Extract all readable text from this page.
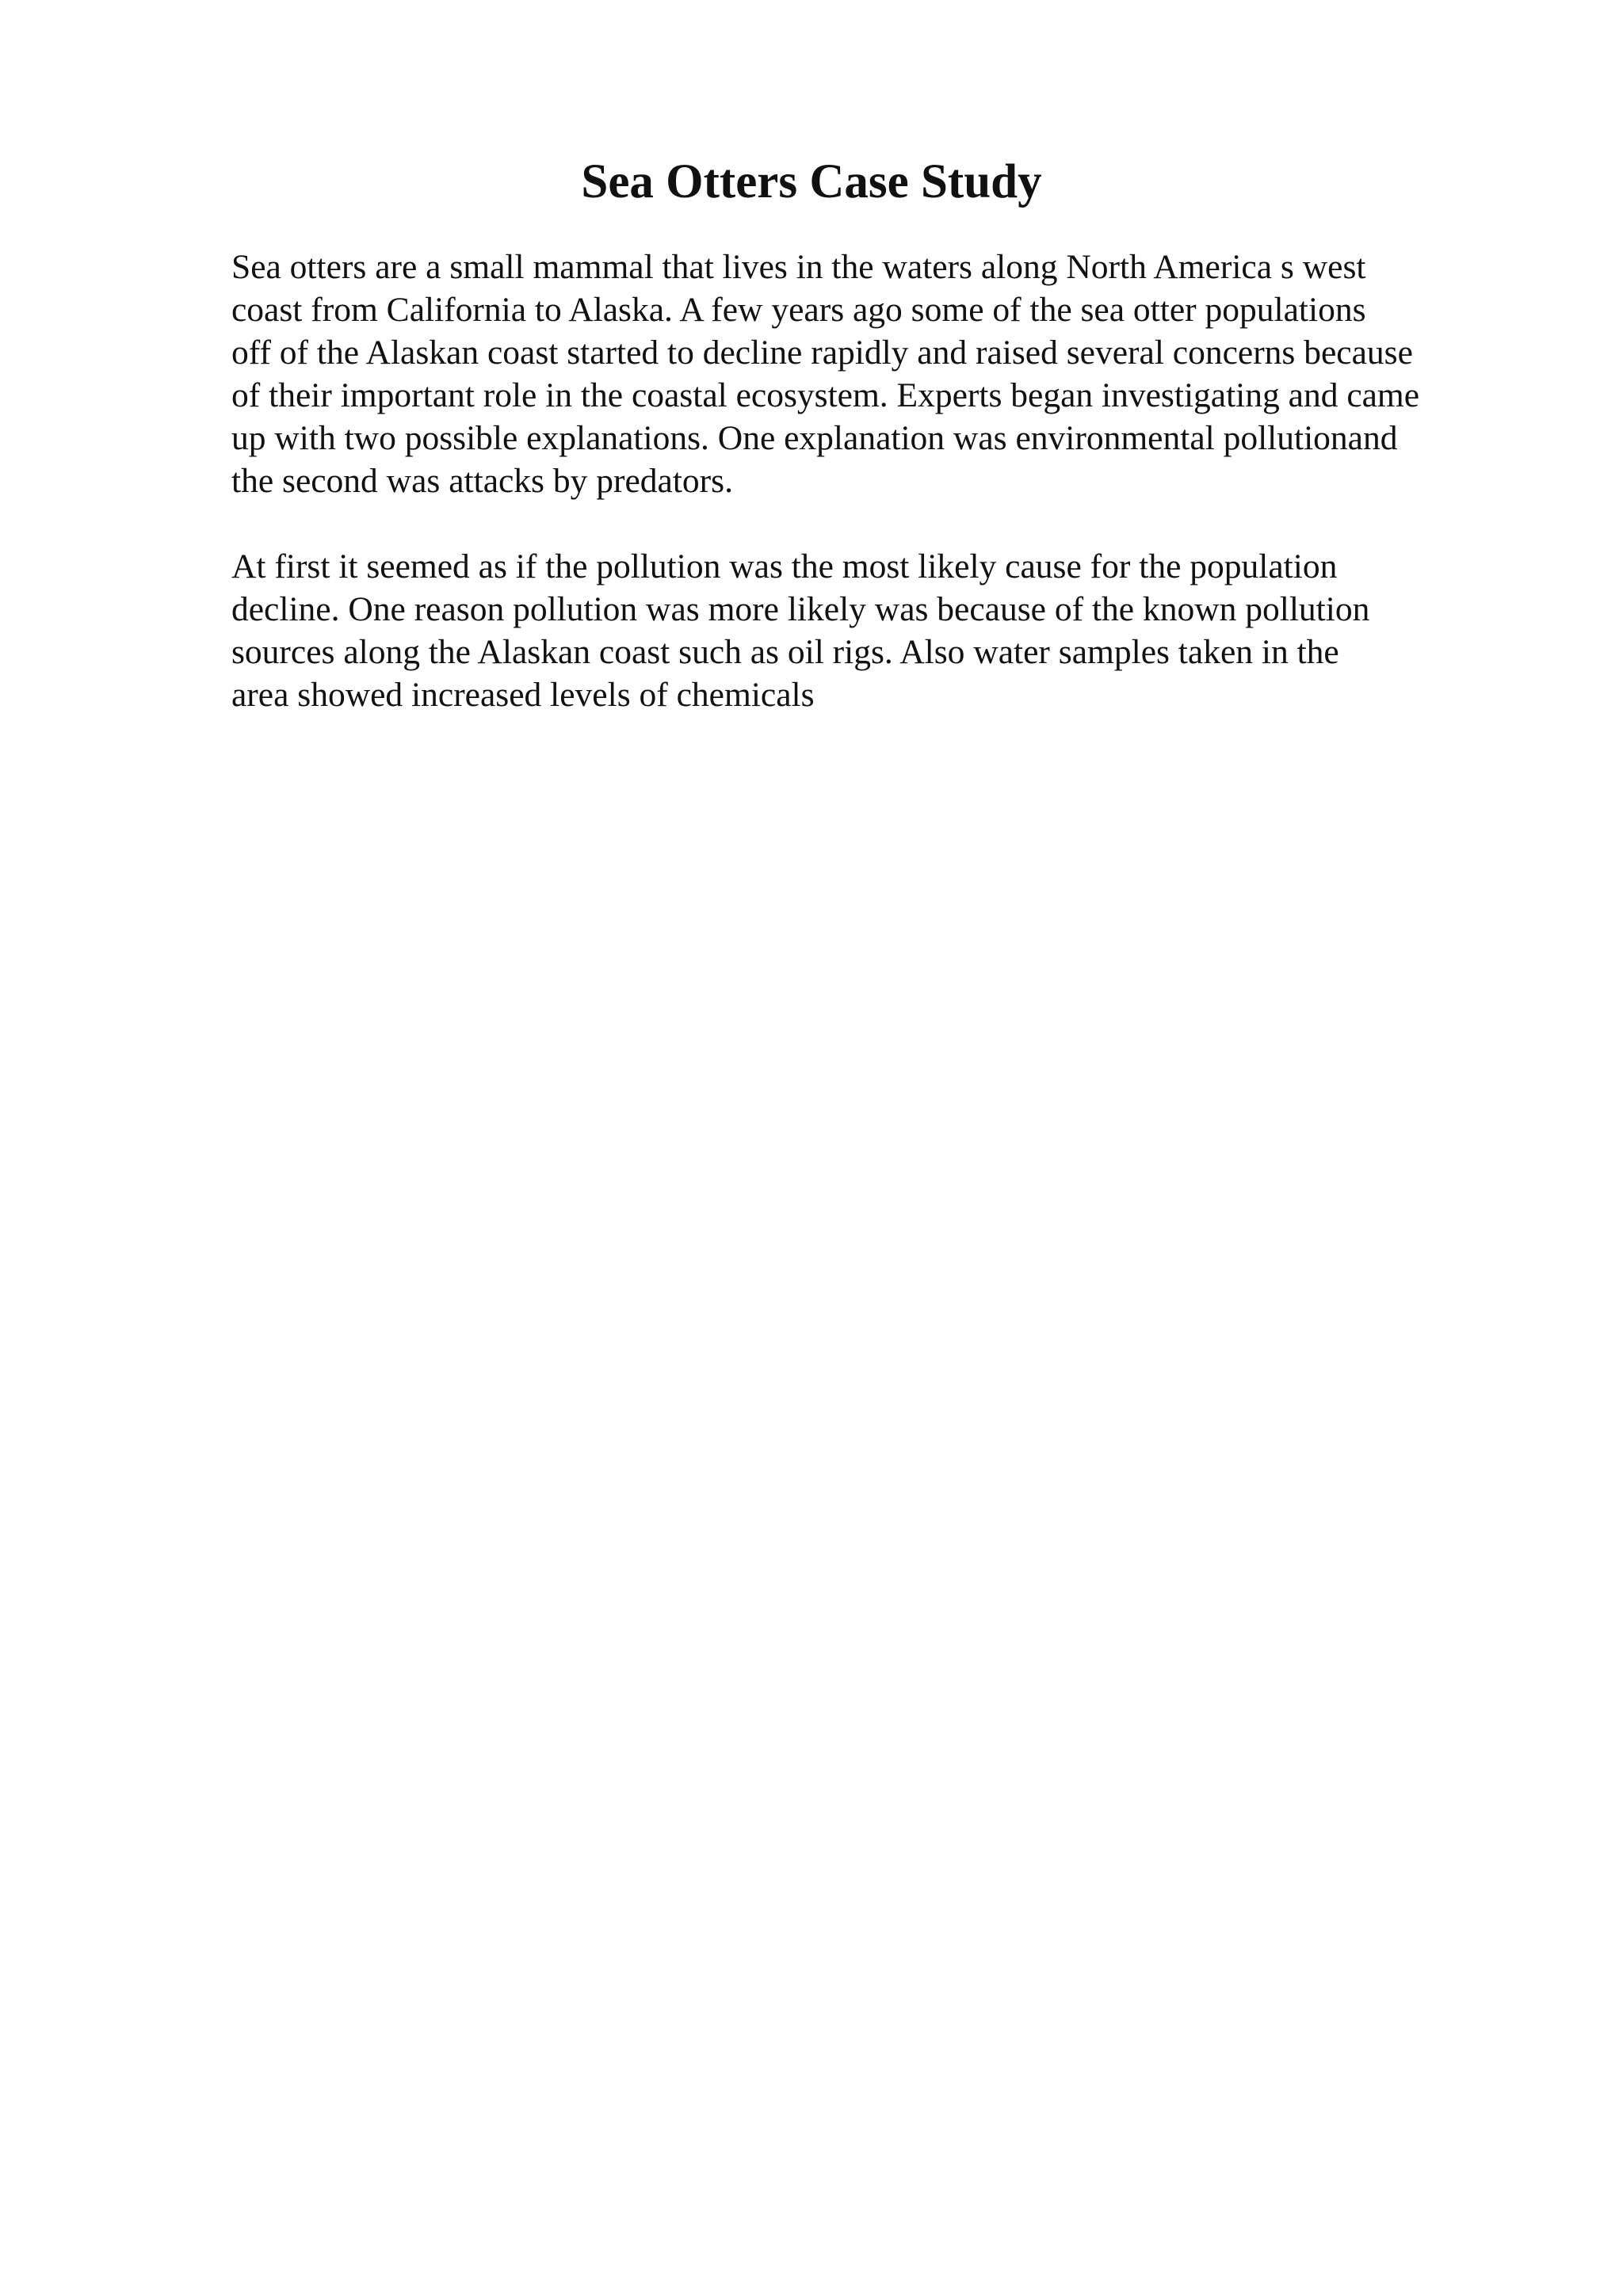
Sea Otters Case Study
Sea otters are a small mammal that lives in the waters along North America s west
coast from California to Alaska. A few years ago some of the sea otter populations
off of the Alaskan coast started to decline rapidly and raised several concerns because
of their important role in the coastal ecosystem. Experts began investigating and came
up with two possible explanations. One explanation was environmental pollutionand
the second was attacks by predators.
At first it seemed as if the pollution was the most likely cause for the population
decline. One reason pollution was more likely was because of the known pollution
sources along the Alaskan coast such as oil rigs. Also water samples taken in the
area showed increased levels of chemicals
